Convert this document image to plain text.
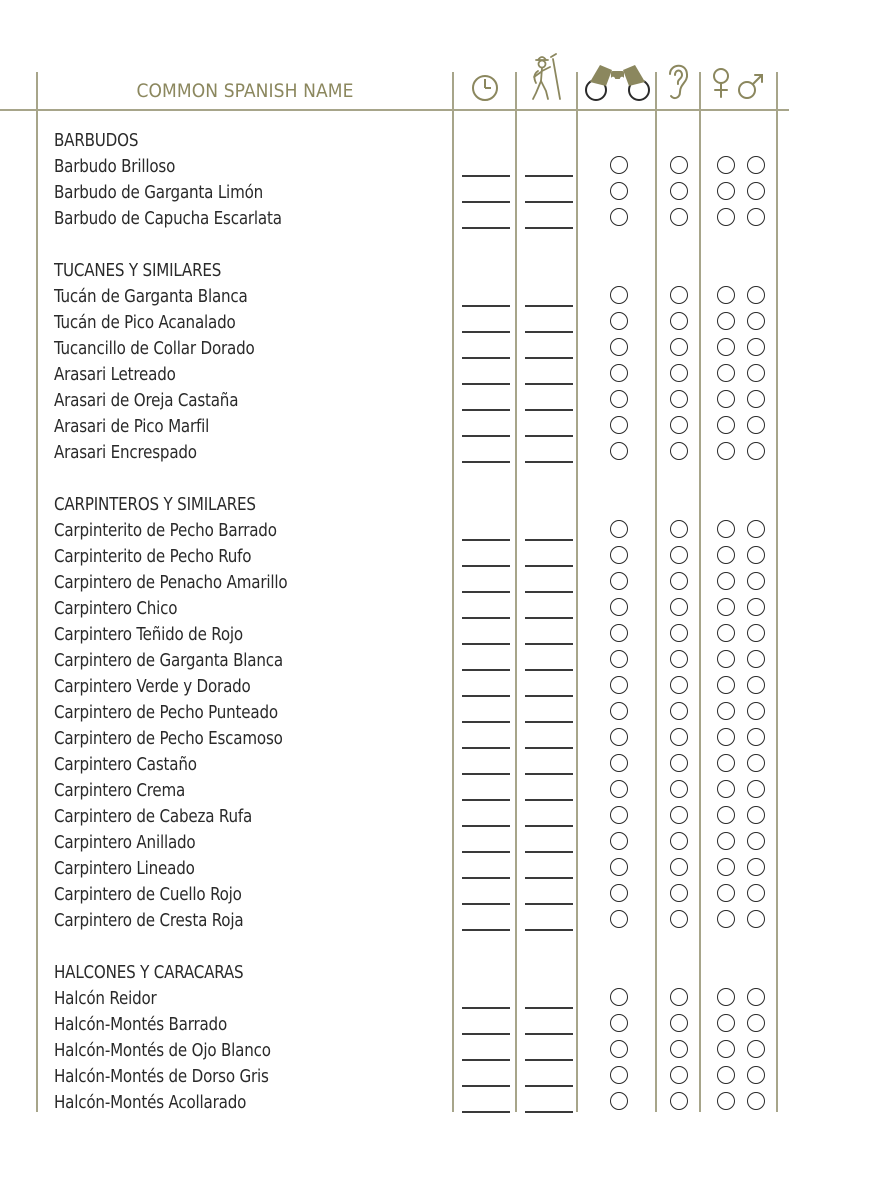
COMMON SPANISH NAME
BARBUDOS
Barbudo Brilloso
Barbudo de Garganta Limón
Barbudo de Capucha Escarlata
TUCANES Y SIMILARES
Tucán de Garganta Blanca
Tucán de Pico Acanalado
Tucancillo de Collar Dorado
Arasari Letreado
Arasari de Oreja Castaña
Arasari de Pico Marfil
Arasari Encrespado
CARPINTEROS Y SIMILARES
Carpinterito de Pecho Barrado
Carpinterito de Pecho Rufo
Carpintero de Penacho Amarillo
Carpintero Chico
Carpintero Teñido de Rojo
Carpintero de Garganta Blanca
Carpintero Verde y Dorado
Carpintero de Pecho Punteado
Carpintero de Pecho Escamoso
Carpintero Castaño
Carpintero Crema
Carpintero de Cabeza Rufa
Carpintero Anillado
Carpintero Lineado
Carpintero de Cuello Rojo
Carpintero de Cresta Roja
HALCONES Y CARACARAS
Halcón Reidor
Halcón-Montés Barrado
Halcón-Montés de Ojo Blanco
Halcón-Montés de Dorso Gris
Halcón-Montés Acollarado
